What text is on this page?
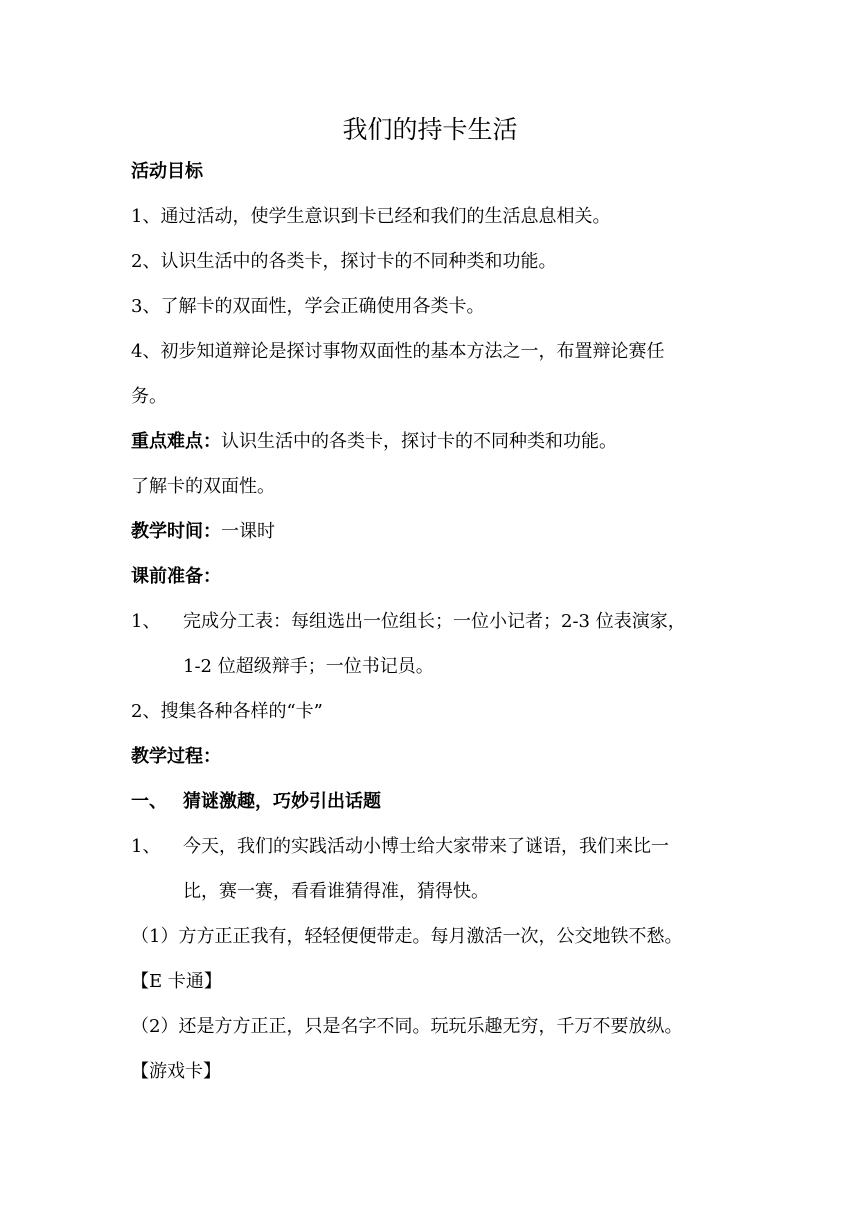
我们的持卡生活
活动目标
1、通过活动，使学生意识到卡已经和我们的生活息息相关。
2、认识生活中的各类卡，探讨卡的不同种类和功能。
3、了解卡的双面性，学会正确使用各类卡。
4、初步知道辩论是探讨事物双面性的基本方法之一，布置辩论赛任
务。
重点难点：认识生活中的各类卡，探讨卡的不同种类和功能。
了解卡的双面性。
教学时间：一课时
课前准备：
1、 完成分工表：每组选出一位组长；一位小记者；2-3 位表演家，
1-2 位超级辩手；一位书记员。
2、搜集各种各样的“卡”
教学过程：
一、 猜谜激趣，巧妙引出话题
1、 今天，我们的实践活动小博士给大家带来了谜语，我们来比一
比，赛一赛，看看谁猜得准，猜得快。
（1）方方正正我有，轻轻便便带走。每月激活一次，公交地铁不愁。
【E 卡通】
（2）还是方方正正，只是名字不同。玩玩乐趣无穷，千万不要放纵。
【游戏卡】
